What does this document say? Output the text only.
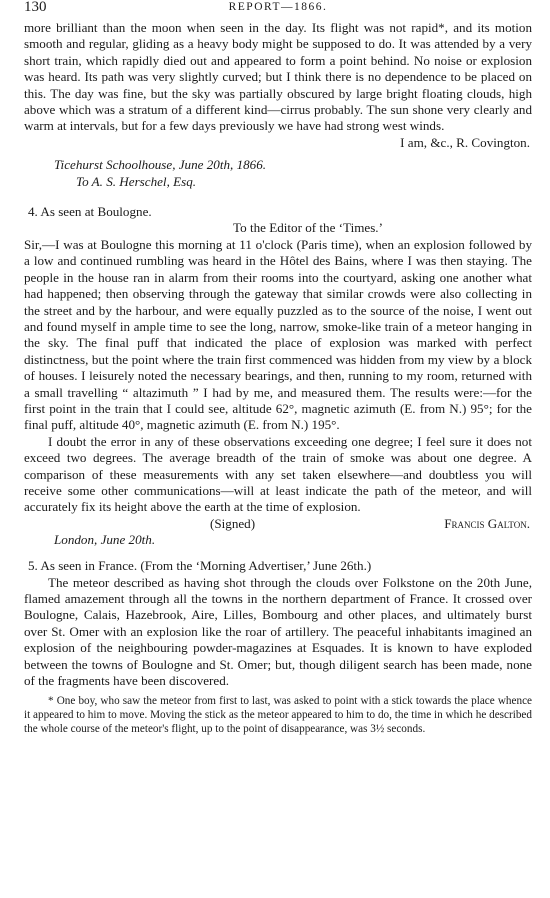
130	REPORT—1866.

more brilliant than the moon when seen in the day. Its flight was not rapid*, and its motion smooth and regular, gliding as a heavy body might be supposed to do. It was attended by a very short train, which rapidly died out and appeared to form a point behind. No noise or explosion was heard. Its path was very slightly curved; but I think there is no dependence to be placed on this. The day was fine, but the sky was partially obscured by large bright floating clouds, high above which was a stratum of a different kind—cirrus probably. The sun shone very clearly and warm at intervals, but for a few days previously we have had strong west winds.

I am, &c., R. Covington.

Ticehurst Schoolhouse, June 20th, 1866.

To A. S. Herschel, Esq.

4. As seen at Boulogne.

To the Editor of the ‘Times.’

Sir,—I was at Boulogne this morning at 11 o'clock (Paris time), when an explosion followed by a low and continued rumbling was heard in the Hôtel des Bains, where I was then staying. The people in the house ran in alarm from their rooms into the courtyard, asking one another what had happened; then observing through the gateway that similar crowds were also collecting in the street and by the harbour, and were equally puzzled as to the source of the noise, I went out and found myself in ample time to see the long, narrow, smoke-like train of a meteor hanging in the sky. The final puff that indicated the place of explosion was marked with perfect distinctness, but the point where the train first commenced was hidden from my view by a block of houses. I leisurely noted the necessary bearings, and then, running to my room, returned with a small travelling “ altazimuth ” I had by me, and measured them. The results were:—for the first point in the train that I could see, altitude 62°, magnetic azimuth (E. from N.) 95°; for the final puff, altitude 40°, magnetic azimuth (E. from N.) 195°.

I doubt the error in any of these observations exceeding one degree; I feel sure it does not exceed two degrees. The average breadth of the train of smoke was about one degree. A comparison of these measurements with any set taken elsewhere—and doubtless you will receive some other communications—will at least indicate the path of the meteor, and will accurately fix its height above the earth at the time of explosion.

(Signed)	Francis Galton.

London, June 20th.

5. As seen in France. (From the ‘Morning Advertiser,’ June 26th.)

The meteor described as having shot through the clouds over Folkstone on the 20th June, flamed amazement through all the towns in the northern department of France. It crossed over Boulogne, Calais, Hazebrook, Aire, Lilles, Bombourg and other places, and ultimately burst over St. Omer with an explosion like the roar of artillery. The peaceful inhabitants imagined an explosion of the neighbouring powder-magazines at Esquades. It is known to have exploded between the towns of Boulogne and St. Omer; but, though diligent search has been made, none of the fragments have been discovered.

* One boy, who saw the meteor from first to last, was asked to point with a stick towards the place whence it appeared to him to move. Moving the stick as the meteor appeared to him to do, the time in which he described the whole course of the meteor's flight, up to the point of disappearance, was 3½ seconds.
